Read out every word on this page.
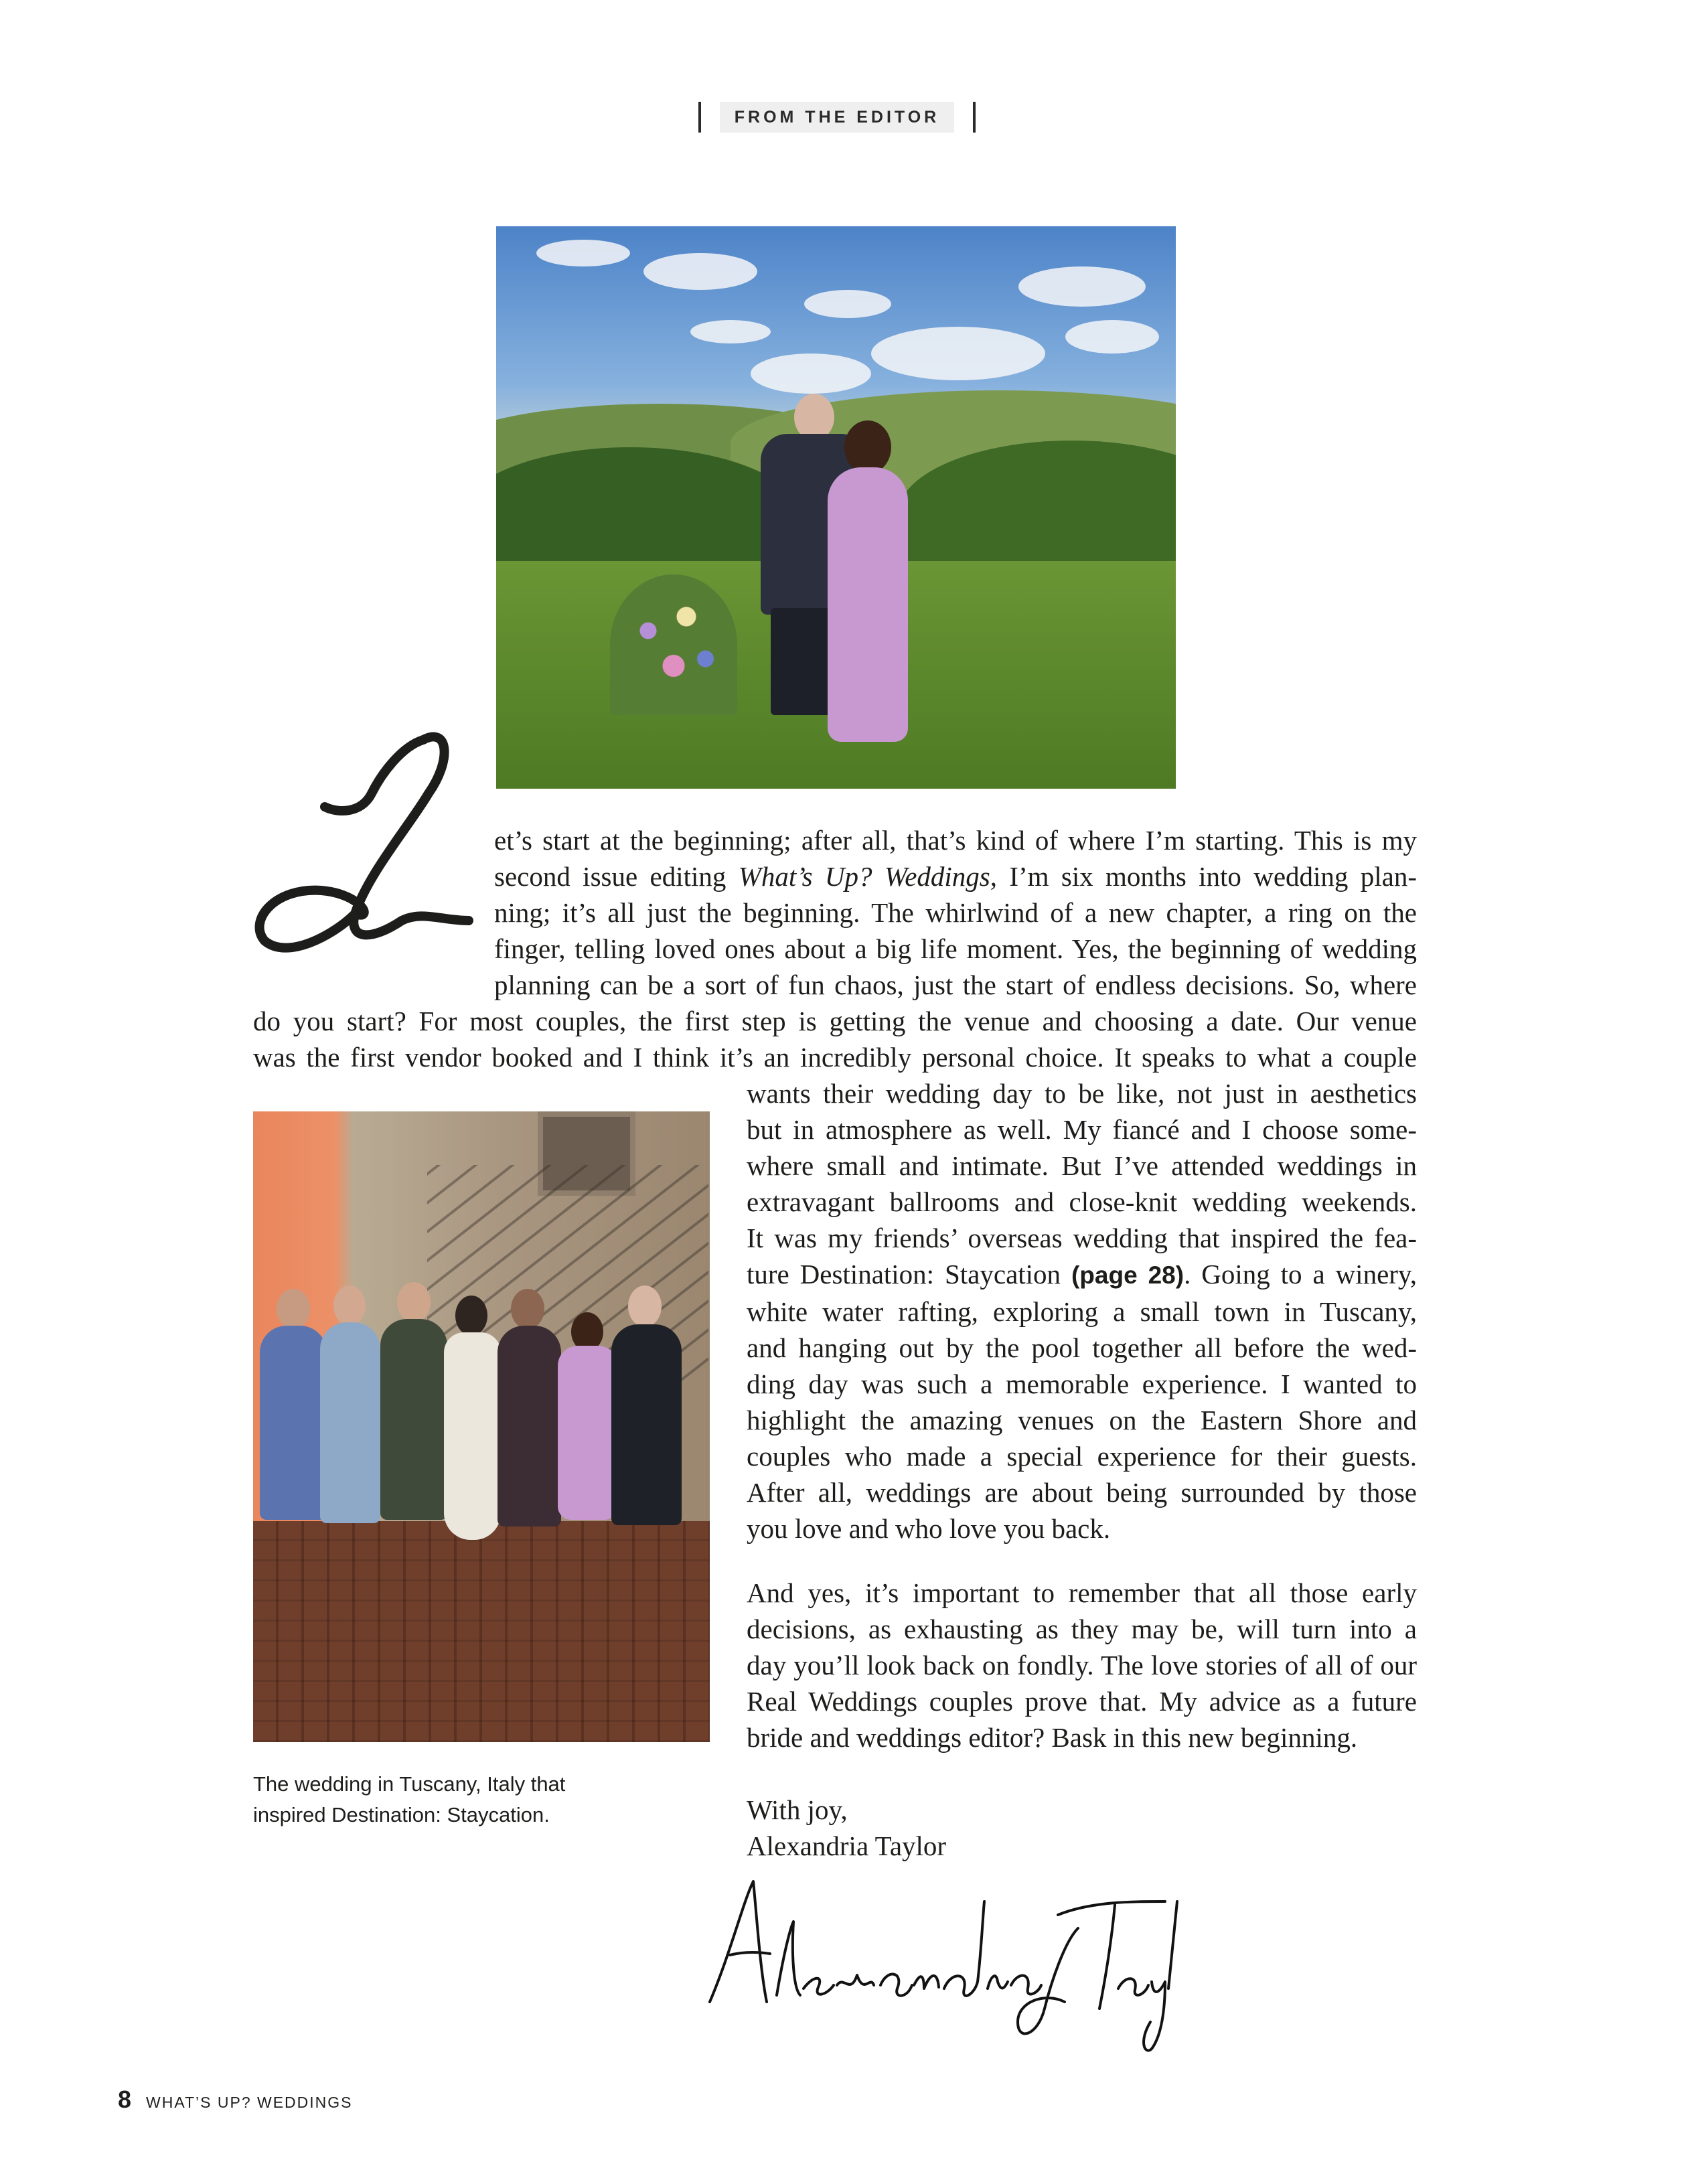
FROM THE EDITOR
L
et’s start at the beginning; after all, that’s kind of where I’m starting. This is my
second issue editing What’s Up? Weddings, I’m six months into wedding plan-
ning; it’s all just the beginning. The whirlwind of a new chapter, a ring on the
finger, telling loved ones about a big life moment. Yes, the beginning of wedding
planning can be a sort of fun chaos, just the start of endless decisions. So, where
do you start? For most couples, the first step is getting the venue and choosing a date. Our venue
was the first vendor booked and I think it’s an incredibly personal choice. It speaks to what a couple
wants their wedding day to be like, not just in aesthetics
but in atmosphere as well. My fiancé and I choose some-
where small and intimate. But I’ve attended weddings in
extravagant ballrooms and close-knit wedding weekends.
It was my friends’ overseas wedding that inspired the fea-
ture Destination: Staycation (page 28). Going to a winery,
white water rafting, exploring a small town in Tuscany,
and hanging out by the pool together all before the wed-
ding day was such a memorable experience. I wanted to
highlight the amazing venues on the Eastern Shore and
couples who made a special experience for their guests.
After all, weddings are about being surrounded by those
you love and who love you back.
And yes, it’s important to remember that all those early
decisions, as exhausting as they may be, will turn into a
day you’ll look back on fondly. The love stories of all of our
Real Weddings couples prove that. My advice as a future
bride and weddings editor? Bask in this new beginning.
With joy,
Alexandria Taylor
The wedding in Tuscany, Italy that
inspired Destination: Staycation.
Alexandria J Taylor
8 WHAT’S UP? WEDDINGS
